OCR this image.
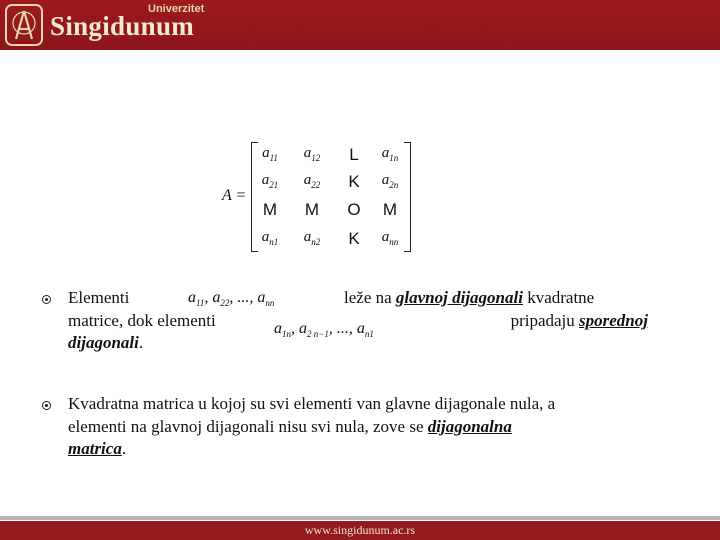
Univerzitet
Singidunum Specijalni tipovi matrica
A =
$a_{11}$	$a_{12}$	L	$a_{1n}$
$a_{21}$	$a_{22}$	K	$a_{2n}$
M	M	O	M
$a_{n1}$	$a_{n2}$	K	$a_{nn}$
Elementi	$a_{11}$, $a_{22}$, ..., $a_{nn}$	leže na glavnoj dijagonali kvadratne
matrice, dok elementi	$a_{1n}$, $a_{2 n-1}$, ..., $a_{n1}$
pripadaju sporednoj
dijagonali.
Kvadratna matrica u kojoj su svi elementi van glavne dijagonale nula, a
elementi na glavnoj dijagonali nisu svi nula, zove se dijagonalna
matrica.
www.singidunum.ac.rs
